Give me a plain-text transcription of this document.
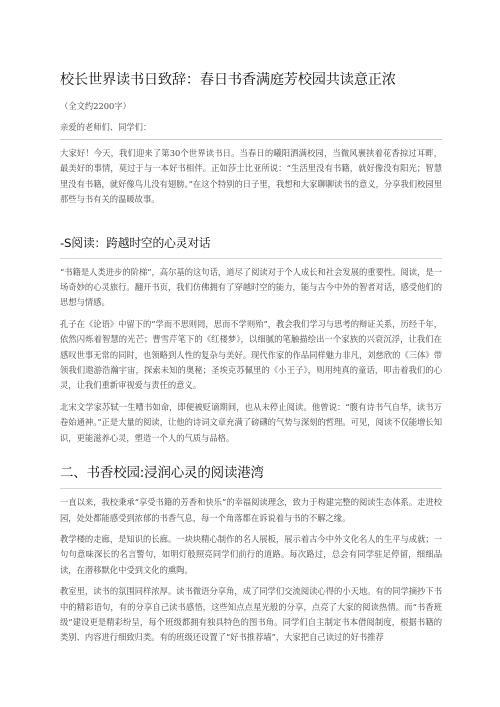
校长世界读书日致辞：春日书香满庭芳校园共读意正浓
（全文约2200字）
亲爱的老师们、同学们：

大家好！今天，我们迎来了第30个世界读书日。当春日的曦阳洒满校园，当微风裹挟着花香掠过耳畔，最美好的事情，莫过于与一本好书相伴。正如莎士比亚所说：“生活里没有书籍，就好像没有阳光；智慧里没有书籍，就好像鸟儿没有翅膀。”在这个特别的日子里，我想和大家聊聊读书的意义，分享我们校园里那些与书有关的温暖故事。

-S阅读：跨越时空的心灵对话

“书籍是人类进步的阶梯”，高尔基的这句话，道尽了阅读对于个人成长和社会发展的重要性。阅读，是一场奇妙的心灵旅行。翻开书页，我们仿佛拥有了穿越时空的能力，能与古今中外的智者对话，感受他们的思想与情感。

孔子在《论语》中留下的“学而不思则罔，思而不学则殆”，教会我们学习与思考的辩证关系，历经千年，依然闪烁着智慧的光芒；曹雪芹笔下的《红楼梦》，以细腻的笔触描绘出一个家族的兴衰沉浮，让我们在感叹世事无常的同时，也领略到人性的复杂与美好。现代作家的作品同样魅力非凡，刘慈欣的《三体》带领我们遨游浩瀚宇宙，探索未知的奥秘；圣埃克苏佩里的《小王子》，则用纯真的童话，叩击着我们的心灵，让我们重新审视爱与责任的意义。

北宋文学家苏轼一生嘈书如命，即便被贬谪期间，也从未停止阅读。他曾说：“腹有诗书气自华，读书万卷始通神。”正是大量的阅读，让他的诗词文章充满了磅礴的气势与深刻的哲理。可见，阅读不仅能增长知识，更能滋养心灵，塑造一个人的气质与品格。

二、书香校园:浸润心灵的阅读港湾

一直以来，我校秉承“享受书籍的芳香和快乐”的幸福阅读理念，致力于构建完整的阅读生态体系。走进校园，处处都能感受到浓郁的书香气息，每一个角落都在诉说着与书的不解之缘。

教学楼的走廊，是知识的长廊。一块块精心制作的名人展板，展示着古今中外文化名人的生平与成就；一句句意味深长的名言警句，如明灯般照亮同学们前行的道路。每次路过，总会有同学驻足停留，细细品读，在潜移默化中受到文化的熏陶。

教室里，读书的氛围同样浓厚。读书微语分享角，成了同学们交流阅读心得的小天地。有的同学摘抄下书中的精彩语句，有的分享自己读书感悟，这些知点点星光般的分享，点亮了大家的阅读热情。而“书香班级”建设更是精彩纷呈，每个班级都拥有独具特色的图书角。同学们自主制定书本借阅制度，根据书籍的类别、内容进行细致归类。有的班级还设置了“好书推荐墙”，大家把自己读过的好书推荐
